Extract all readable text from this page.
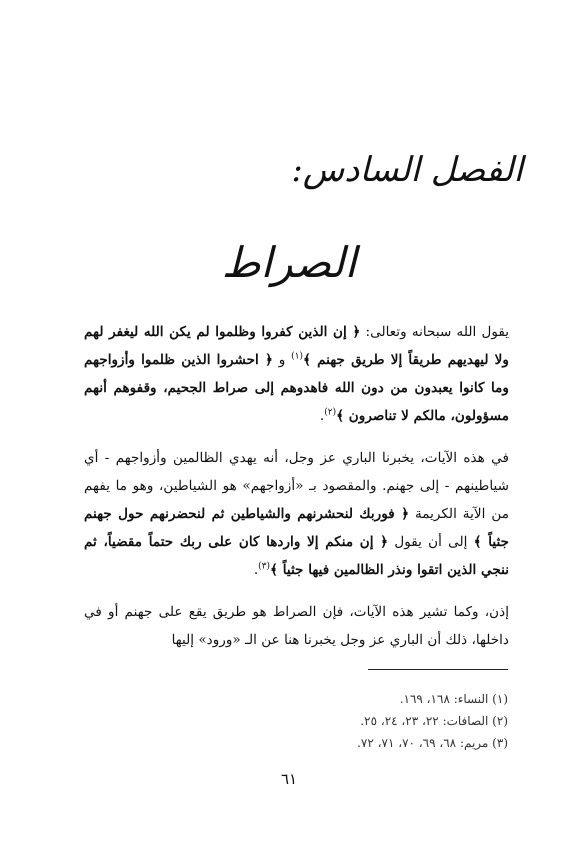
الفصل السادس:
الصراط

يقول الله سبحانه وتعالى: ﴿ إن الذين كفروا وظلموا لم يكن الله ليغفر لهم ولا ليهديهم طريقاً إلا طريق جهنم ﴾$^{(١)}$ و ﴿ احشروا الذين ظلموا وأزواجهم وما كانوا يعبدون من دون الله فاهدوهم إلى صراط الجحيم، وقفوهم أنهم مسؤولون، مالكم لا تناصرون ﴾$^{(٢)}$.

في هذه الآيات، يخبرنا الباري عز وجل، أنه يهدي الظالمين وأزواجهم - أي شياطينهم - إلى جهنم. والمقصود بـ «أزواجهم» هو الشياطين، وهو ما يفهم من الآية الكريمة ﴿ فوربك لنحشرنهم والشياطين ثم لنحضرنهم حول جهنم جثياً ﴾ إلى أن يقول ﴿ إن منكم إلا واردها كان على ربك حتماً مقضياً، ثم ننجي الذين اتقوا ونذر الظالمين فيها جثياً ﴾$^{(٣)}$.

إذن، وكما تشير هذه الآيات، فإن الصراط هو طريق يقع على جهنم أو في داخلها، ذلك أن الباري عز وجل يخبرنا هنا عن الـ «ورود» إليها

(١) النساء: ١٦٨، ١٦٩.
(٢) الصافات: ٢٢، ٢٣، ٢٤، ٢٥.
(٣) مريم: ٦٨، ٦٩، ٧٠، ٧١، ٧٢.
٦١
